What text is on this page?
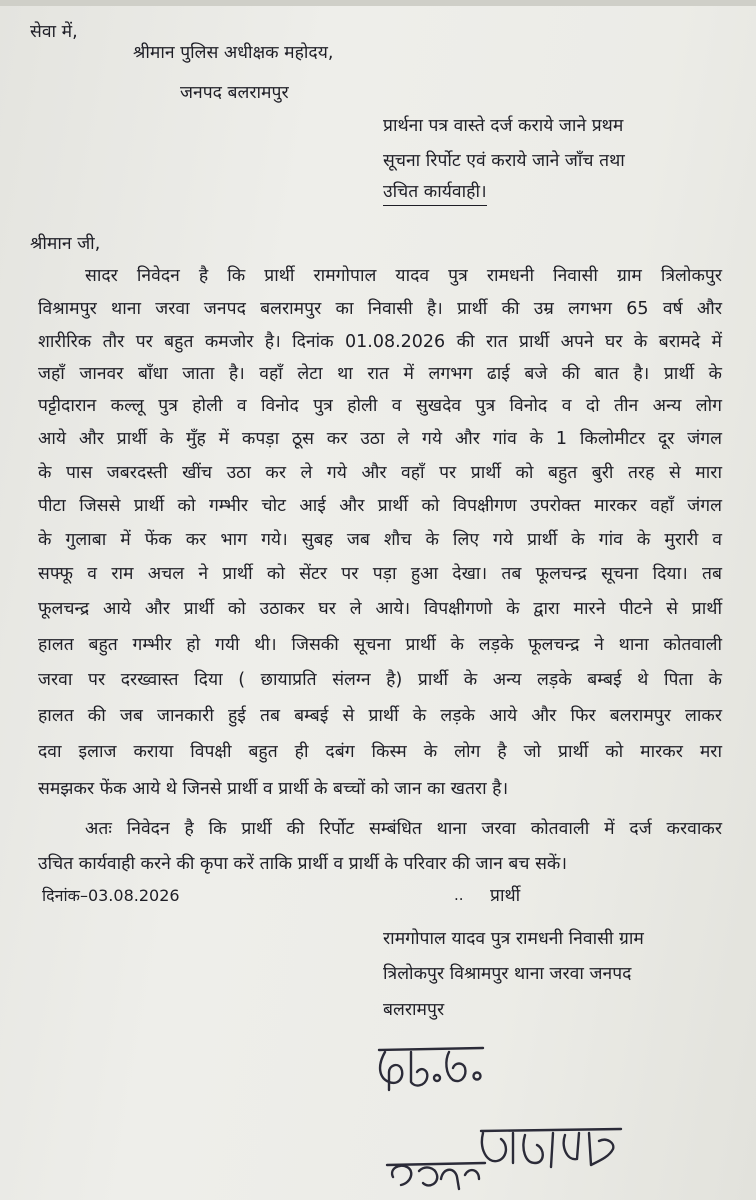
सेवा में,
श्रीमान पुलिस अधीक्षक महोदय,
जनपद बलरामपुर
प्रार्थना पत्र वास्ते दर्ज कराये जाने प्रथम
सूचना रिर्पोट एवं कराये जाने जाँच तथा
उचित कार्यवाही।
श्रीमान जी,
सादर निवेदन है कि प्रार्थी रामगोपाल यादव पुत्र रामधनी निवासी ग्राम त्रिलोकपुर
विश्रामपुर थाना जरवा जनपद बलरामपुर का निवासी है। प्रार्थी की उम्र लगभग 65 वर्ष और
शारीरिक तौर पर बहुत कमजोर है। दिनांक 01.08.2026 की रात प्रार्थी अपने घर के बरामदे में
जहाँ जानवर बाँधा जाता है। वहाँ लेटा था रात में लगभग ढाई बजे की बात है। प्रार्थी के
पट्टीदारान कल्लू पुत्र होली व विनोद पुत्र होली व सुखदेव पुत्र विनोद व दो तीन अन्य लोग
आये और प्रार्थी के मुँह में कपड़ा ठूस कर उठा ले गये और गांव के 1 किलोमीटर दूर जंगल
के पास जबरदस्ती खींच उठा कर ले गये और वहाँ पर प्रार्थी को बहुत बुरी तरह से मारा
पीटा जिससे प्रार्थी को गम्भीर चोट आई और प्रार्थी को विपक्षीगण उपरोक्त मारकर वहाँ जंगल
के गुलाबा में फेंक कर भाग गये। सुबह जब शौच के लिए गये प्रार्थी के गांव के मुरारी व
सफ्फू व राम अचल ने प्रार्थी को सेंटर पर पड़ा हुआ देखा। तब फूलचन्द्र सूचना दिया। तब
फूलचन्द्र आये और प्रार्थी को उठाकर घर ले आये। विपक्षीगणो के द्वारा मारने पीटने से प्रार्थी
हालत बहुत गम्भीर हो गयी थी। जिसकी सूचना प्रार्थी के लड़के फूलचन्द्र ने थाना कोतवाली
जरवा पर दरख्वास्त दिया ( छायाप्रति संलग्न है) प्रार्थी के अन्य लड़के बम्बई थे पिता के
हालत की जब जानकारी हुई तब बम्बई से प्रार्थी के लड़के आये और फिर बलरामपुर लाकर
दवा इलाज कराया विपक्षी बहुत ही दबंग किस्म के लोग है जो प्रार्थी को मारकर मरा
समझकर फेंक आये थे जिनसे प्रार्थी व प्रार्थी के बच्चों को जान का खतरा है।
अतः निवेदन है कि प्रार्थी की रिर्पोट सम्बंधित थाना जरवा कोतवाली में दर्ज करवाकर
उचित कार्यवाही करने की कृपा करें ताकि प्रार्थी व प्रार्थी के परिवार की जान बच सकें।
दिनांक–03.08.2026	.. प्रार्थी
रामगोपाल यादव पुत्र रामधनी निवासी ग्राम
त्रिलोकपुर विश्रामपुर थाना जरवा जनपद
बलरामपुर
